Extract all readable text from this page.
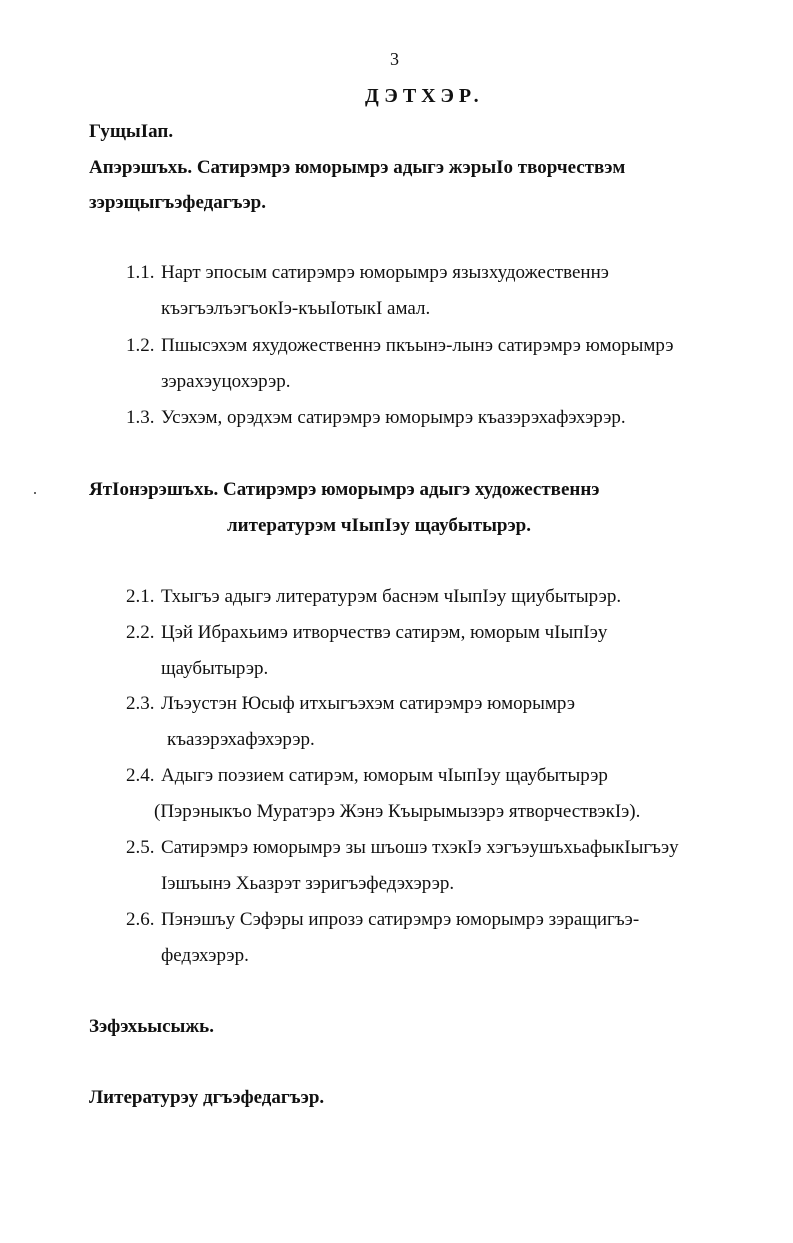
3
ДЭТХЭР.
ГущыIап.
Апэрэшъхь. Сатирэмрэ юморымрэ адыгэ жэрыIо творчествэм
зэрэщыгъэфедагъэр.
1.1. Нарт эпосым сатирэмрэ юморымрэ язызхудожественнэ
къэгъэлъэгъокIэ-къыIотыкI амал.
1.2. Пшысэхэм яхудожественнэ пкъынэ-лынэ сатирэмрэ юморымрэ
зэрахэуцохэрэр.
1.3. Усэхэм, орэдхэм сатирэмрэ юморымрэ къазэрэхафэхэрэр.
ЯтIонэрэшъхь. Сатирэмрэ юморымрэ адыгэ художественнэ
литературэм чIыпIэу щаубытырэр.
2.1. Тхыгъэ адыгэ литературэм баснэм чIыпIэу щиубытырэр.
2.2. Цэй Ибрахьимэ итворчествэ сатирэм, юморым чIыпIэу
щаубытырэр.
2.3. Лъэустэн Юсыф итхыгъэхэм сатирэмрэ юморымрэ
къазэрэхафэхэрэр.
2.4. Адыгэ поэзием сатирэм, юморым чIыпIэу щаубытырэр
(Пэрэныкъо Муратэрэ Жэнэ Къырымызэрэ ятворчествэкIэ).
2.5. Сатирэмрэ юморымрэ зы шъошэ тхэкIэ хэгъэушъхьафыкIыгъэу
Iэшъынэ Хьазрэт зэригъэфедэхэрэр.
2.6. Пэнэшъу Сэфэры ипрозэ сатирэмрэ юморымрэ зэращигъэ-
федэхэрэр.
Зэфэхьысыжь.
Литературэу дгъэфедагъэр.
